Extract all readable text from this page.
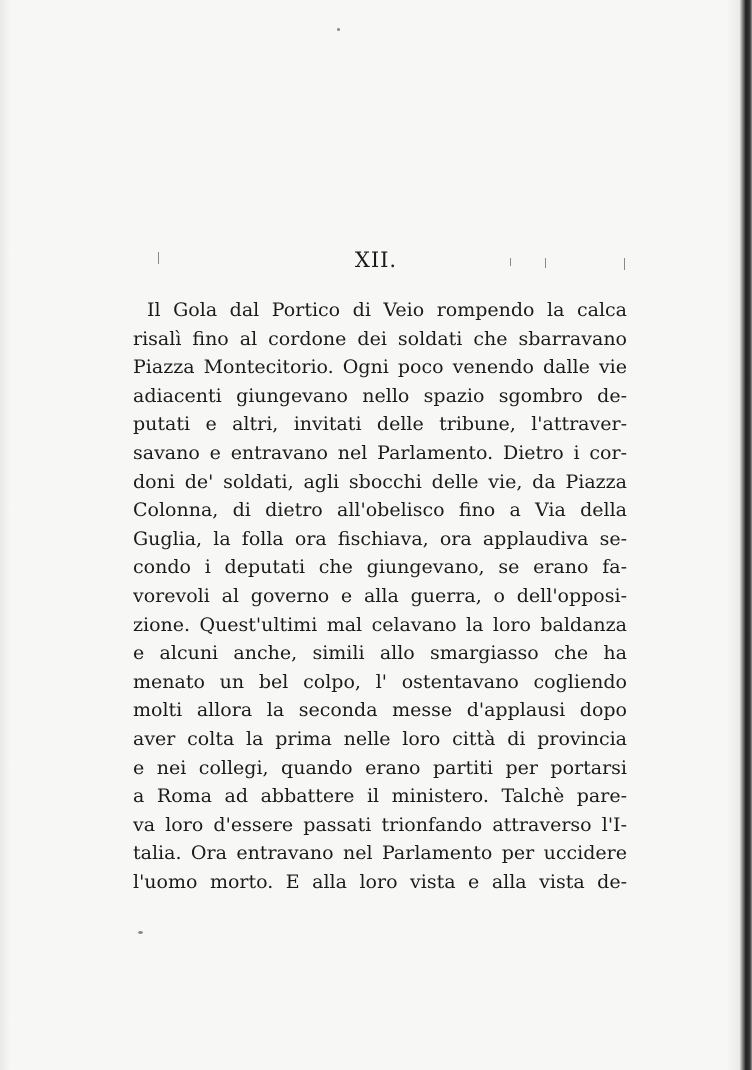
XII.
Il Gola dal Portico di Veio rompendo la calca
risalì fino al cordone dei soldati che sbarravano
Piazza Montecitorio. Ogni poco venendo dalle vie
adiacenti giungevano nello spazio sgombro de-
putati e altri, invitati delle tribune, l'attraver-
savano e entravano nel Parlamento. Dietro i cor-
doni de' soldati, agli sbocchi delle vie, da Piazza
Colonna, di dietro all'obelisco fino a Via della
Guglia, la folla ora fischiava, ora applaudiva se-
condo i deputati che giungevano, se erano fa-
vorevoli al governo e alla guerra, o dell'opposi-
zione. Quest'ultimi mal celavano la loro baldanza
e alcuni anche, simili allo smargiasso che ha
menato un bel colpo, l' ostentavano cogliendo
molti allora la seconda messe d'applausi dopo
aver colta la prima nelle loro città di provincia
e nei collegi, quando erano partiti per portarsi
a Roma ad abbattere il ministero. Talchè pare-
va loro d'essere passati trionfando attraverso l'I-
talia. Ora entravano nel Parlamento per uccidere
l'uomo morto. E alla loro vista e alla vista de-
